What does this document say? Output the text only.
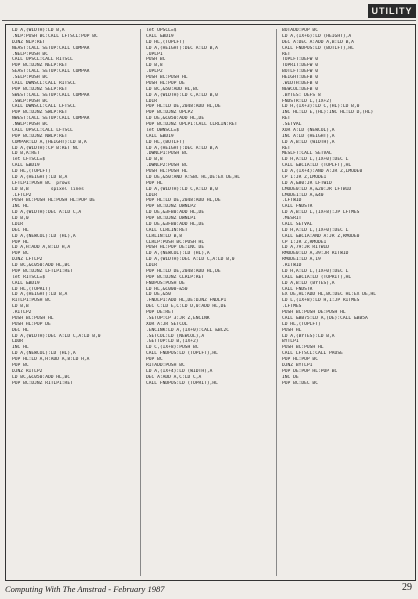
UTILITY
LD A,(WIDTH):LD B,A
.NLP:PUSH BC:CALL LFTSCL:POP BC
DJNZ NLP:RET
NEAST:CALL SETUP:CALL COMPAR
.NELP:PUSH BC
CALL UPSCL:CALL RITSCL
POP BC:DJNZ NELP:RET
SEAST:CALL SETUP:CALL COMPAR
.SELP:PUSH BC
CALL DWNSCL:CALL RITSCL
POP BC:DJNZ SELP:RET
SWEST:CALL SETUP:CALL COMPAR
.SWLP:PUSH BC
CALL DWNSCL:CALL LFTSCL
POP BC:DJNZ SWLP:RET
NWEST:CALL SETUP:CALL COMPAR
.NWLP:PUSH BC
CALL UPSCL:CALL LFTSCL
POP BC:DJNZ NWLP:RET
COMPAR:LD A,(HEIGHT):LD B,A
LD A,(WIDTH):CP B:RET NC
LD B,A:RET
let LFTSCL=$
CALL &BD19
LD HL,(TOPLFT)
LD A,(HEIGHT):LD B,A
LFTLP1:PUSH BC  prows
LD B,B        spixel lines
.LFTLP2
PUSH BC:PUSH HL:PUSH HL:POP DE
INC HL
LD A,(WIDTH):DEC A:LD C,A
LD B,0
LDIR
DEC HL
LD A,(NEWCOL):LD (HL),A
POP HL
LD A,H:ADD A,8:LD H,A
POP BC
DJNZ LFTLP2
LD BC,&C050:ADD HL,BC
POP BC:DJNZ LFTLP1:RET
let RITSCL=$
CALL &BD19
LD HL,(TOPRIT)
LD A,(HEIGHT):LD B,A
RITLP1:PUSH BC
LD B,B
.RITLP2
PUSH BC:PUSH HL
PUSH HL:POP DE
DEC HL
LD A,(WIDTH):DEC A:LD C,A:LD B,0
LDDR
INC HL
LD A,(NEWCOL):LD (HL),A
POP HL:LD A,H:ADD A,8:LD H,A
POP BC
DJNZ RITLP2
LD BC,&C050:ADD HL,BC
POP BC:DJNZ RITLP1:RET
let UPSCL=$
CALL &BD19
LD HL,(TOPLFT)
LD A,(HEIGHT):DEC A:LD B,A
.UPLP1
PUSH BC
LD B,8
.UPLP2
PUSH BC:PUSH HL
PUSH HL:POP DE
LD BC,&50:ADD HL,BC
LD A,(WIDTH):LD C,A:LD B,0
LDIR
POP HL:LD DE,2048:ADD HL,DE
POP BC:DJNZ UPLP2
LD DE,&C050:ADD HL,DE
POP BC:DJNZ UPLP1:CALL CLRLIN:RET
let DWNSCL=$
CALL &BD19
LD HL,(BOTLFT)
LD A,(HEIGHT):DEC A:LD B,A
.DWNLP1:PUSH BC
LD B,8
.DWNLP2:PUSH BC
PUSH HL:PUSH HL
LD DE,&50:AND A:SBC HL,DE:EX DE,HL
POP HL
LD A,(WIDTH):LD C,A:LD B,0
LDIR
POP HL:LD DE,2048:ADD HL,DE
POP BC:DJNZ DWNLP2
LD DE,&3FB0:ADD HL,DE
POP BC:DJNZ DWNLP1
LD DE,&3FB0:ADD HL,DE
CALL CLRLIN:RET
CLRLIN:LD B,8
CLRLP:PUSH BC:PUSH HL
PUSH HL:POP DE:INC DE
LD A,(NEWCOL):LD (HL),A
LD A,(WIDTH):DEC A:LD C,A:LD B,0
LDIR
POP HL:LD DE,2048:ADD HL,DE
POP BC:DJNZ CLRLP:RET
FNDPOS:PUSH DE
LD HL,&C000-&50
LD DE,&50
.FNDLP1:ADD HL,DE:DJNZ FNDLP1
DEC C:LD E,C:LD D,0:ADD HL,DE
POP DE:RET
.SETUP:CP 3:JR Z,ENCINK
XOR A:JR SETCOL
.ENCINK:LD A,(IX+0):CALL &BC2C
.SETCOL:LD (NEWCOL),A
.GETTOP:LD B,(IX+2)
LD C,(IX+8):PUSH BC
CALL FNDPOS:LD (TOPLFT),HL
POP BC
RITADD:PUSH BC
LD A,(IX+4):LD (WIDTH),A
DEC A:ADD A,C:LD C,A
CALL FNDPOS:LD (TOPRIT),HL
BOTADD:POP BC
LD A,(IX+6):LD (HEIGHT),A
DEC A:DEC A:ADD A,B:LD B,A
CALL FNDPOS:LD (BOTLFT),HL
RET
TOPLFT:DEFW 0
TOPRIT:DEFW 0
BOTLFT:DEFW 0
HEIGHT:DEFB 0
.WIDTH:DEFB 0
NEWCOL:DEFB 0
.BYTES: DEFS 8
FNDSTR:LD L,(IX+2)
LD H,(IX+3):LD C,(HL):LD B,0
INC HL:LD E,(HL):INC HL:LD D,(HL)
RET
.SETVAL
XOR A:LD (NEWCOL),A
INC A:LD (HEIGHT),A
LD A,B:LD (WIDTH),A
RET
MESLFT:CALL SETVAL
LD H,A:LD L,(IX+0):DEC L
CALL &BC1A:LD (TOPLFT),HL
LD A,(IX+4):AND A:JR Z,LMODE0
CP 1:JR Z,LMODE1
LD A,&80:JR LFTWID
LMODE0:LD A,&20:JR LFTWID
LMODE1:LD A,&40
.LFTWID
CALL FNDSTR
LD A,B:LD L,(IX+8):JP LFTMES
.MESRIT
CALL SETVAL
LD H,A:LD L,(IX+0):DEC L
CALL &BC1A:AND A:JR Z,RMODE0
CP 1:JR Z,RMODE1
LD A,79:JR RITWID
RMODE0:LD A,39:JR RITWID
RMODE1:LD A,19
.RITWID
LD H,A:LD L,(IX+0):DEC L
CALL &BC1A:LD (TOPRIT),HL
LD A,B:LD (BYTES),A
CALL FNDSTR
EX DE,HL:ADD HL,BC:DEC HL:EX DE,HL
LD L,(IX+8):LD H,1:JP RITMES
.LFTMES
PUSH BC:PUSH DE:PUSH HL
CALL &BB75:LD A,(DE):CALL &BB5A
LD HL,(TOPLFT)
PUSH HL
LD A,(BYTES):LD B,A
BYTLP1
PUSH BC:PUSH HL
CALL LFTSCL:CALL PAUSE
POP HL:POP BC
DJNZ BYTLP1
POP DE:POP HL:POP BC
INC DE
POP BC:DEC BC
Computing With The Amstrad - February 1987	29
